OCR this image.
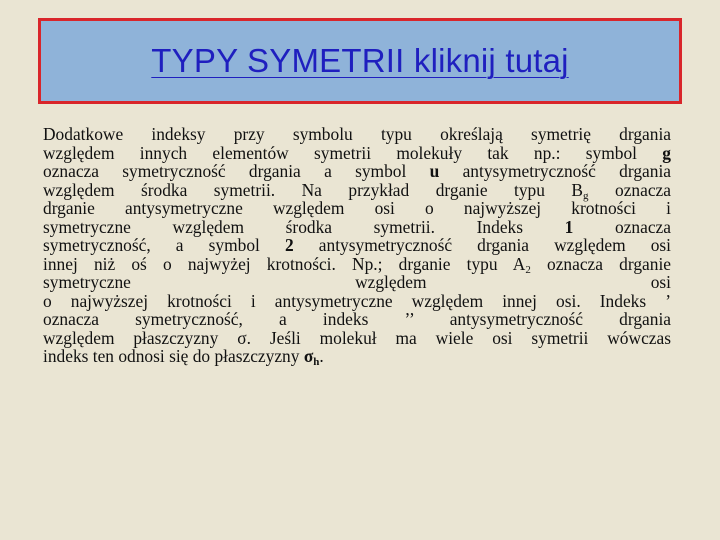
TYPY SYMETRII kliknij tutaj
Dodatkowe indeksy przy symbolu typu określają symetrię drgania
względem innych elementów symetrii molekuły tak np.: symbol g
oznacza symetryczność drgania a symbol u antysymetryczność drgania
względem środka symetrii. Na przykład drganie typu $B_g$ oznacza
drganie antysymetryczne względem osi o najwyższej krotności i
symetryczne względem środka symetrii. Indeks 1 oznacza
symetryczność, a symbol 2 antysymetryczność drgania względem osi
innej niż oś o najwyżej krotności. Np.; drganie typu $A_2$ oznacza drganie
symetryczne	względem	osi
o najwyższej krotności i antysymetryczne względem innej osi. Indeks ’
oznacza symetryczność, a indeks ’’ antysymetryczność drgania
względem płaszczyzny σ. Jeśli molekuł ma wiele osi symetrii wówczas
indeks ten odnosi się do płaszczyzny $\sigma_h$.
